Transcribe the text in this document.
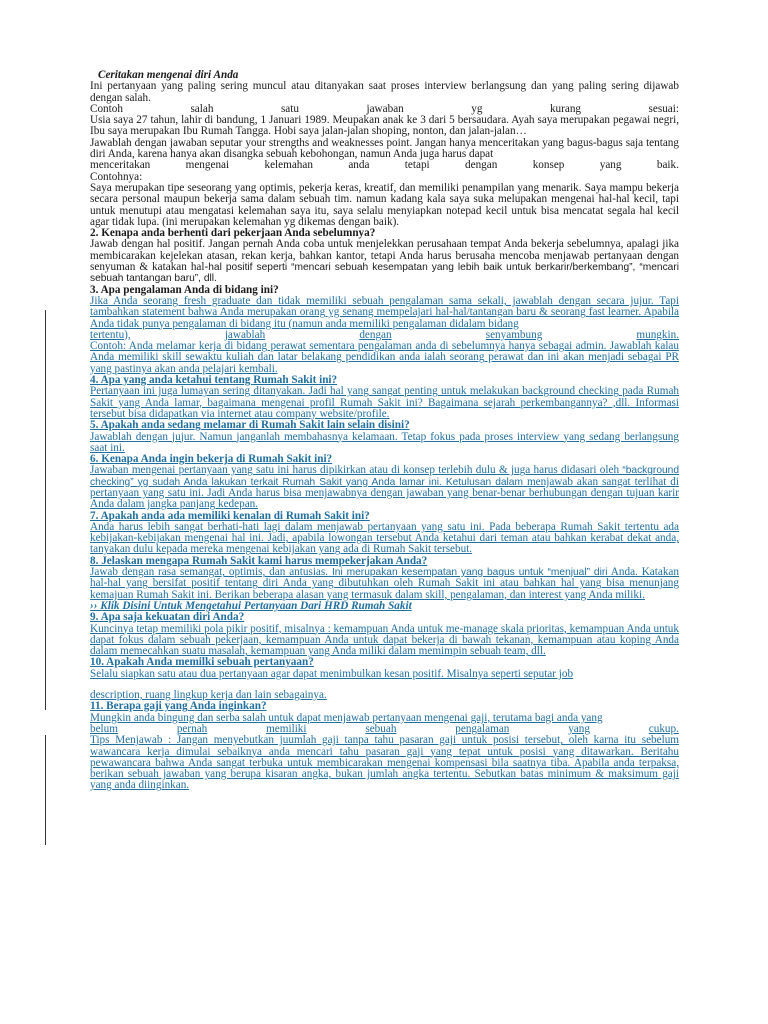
Ceritakan mengenai diri Anda

Ini pertanyaan yang paling sering muncul atau ditanyakan saat proses interview berlangsung dan yang paling sering dijawab dengan salah.

Contoh	salah	satu	jawaban	yg	kurang	sesuai:

Usia saya 27 tahun, lahir di bandung, 1 Januari 1989. Meupakan anak ke 3 dari 5 bersaudara. Ayah saya merupakan pegawai negri, Ibu saya merupakan Ibu Rumah Tangga. Hobi saya jalan-jalan shoping, nonton, dan jalan-jalan…

Jawablah dengan jawaban seputar your strengths and weaknesses point. Jangan hanya menceritakan yang bagus-bagus saja tentang diri Anda, karena hanya akan disangka sebuah kebohongan, namun Anda juga harus dapat

menceritakan	mengenai	kelemahan	anda	tetapi	dengan	konsep	yang	baik.

Contohnya:

Saya merupakan tipe seseorang yang optimis, pekerja keras, kreatif, dan memiliki penampilan yang menarik. Saya mampu bekerja secara personal maupun bekerja sama dalam sebuah tim. namun kadang kala saya suka melupakan mengenai hal-hal kecil, tapi untuk menutupi atau mengatasi kelemahan saya itu, saya selalu menyiapkan notepad kecil untuk bisa mencatat segala hal kecil agar tidak lupa. (ini merupakan kelemahan yg dikemas dengan baik).

2. Kenapa anda berhenti dari pekerjaan Anda sebelumnya?

Jawab dengan hal positif. Jangan pernah Anda coba untuk menjelekkan perusahaan tempat Anda bekerja sebelumnya, apalagi jika membicarakan kejelekan atasan, rekan kerja, bahkan kantor, tetapi Anda harus berusaha mencoba menjawab pertanyaan dengan senyuman & katakan hal-hal positif seperti “mencari sebuah kesempatan yang lebih baik untuk berkarir/berkembang”, “mencari sebuah tantangan baru”, dll.

3. Apa pengalaman Anda di bidang ini?

Jika Anda seorang fresh graduate dan tidak memiliki sebuah pengalaman sama sekali, jawablah dengan secara jujur. Tapi tambahkan statement bahwa Anda merupakan orang yg senang mempelajari hal-hal/tantangan baru & seorang fast learner. Apabila Anda tidak punya pengalaman di bidang itu (namun anda memiliki pengalaman didalam bidang

tertentu),	jawablah	dengan	senyambung	mungkin.

Contoh: Anda melamar kerja di bidang perawat sementara pengalaman anda di sebelumnya hanya sebagai admin. Jawablah kalau Anda memiliki skill sewaktu kuliah dan latar belakang pendidikan anda ialah seorang perawat dan ini akan menjadi sebagai PR yang pastinya akan anda pelajari kembali.

4. Apa yang anda ketahui tentang Rumah Sakit ini?

Pertanyaan ini juga lumayan sering ditanyakan. Jadi hal yang sangat penting untuk melakukan background checking pada Rumah Sakit yang Anda lamar, bagaimana mengenai profil Rumah Sakit ini? Bagaimana sejarah perkembangannya? ,dll. Informasi tersebut bisa didapatkan via internet atau company website/profile.

5. Apakah anda sedang melamar di Rumah Sakit lain selain disini?

Jawablah dengan jujur. Namun janganlah membahasnya kelamaan. Tetap fokus pada proses interview yang sedang berlangsung saat ini.

6. Kenapa Anda ingin bekerja di Rumah Sakit ini?

Jawaban mengenai pertanyaan yang satu ini harus dipikirkan atau di konsep terlebih dulu & juga harus didasari oleh “background checking” yg sudah Anda lakukan terkait Rumah Sakit yang Anda lamar ini. Ketulusan dalam menjawab akan sangat terlihat di pertanyaan yang satu ini. Jadi Anda harus bisa menjawabnya dengan jawaban yang benar-benar berhubungan dengan tujuan karir Anda dalam jangka panjang kedepan.

7. Apakah anda ada memiliki kenalan di Rumah Sakit ini?

Anda harus lebih sangat berhati-hati lagi dalam menjawab pertanyaan yang satu ini. Pada beberapa Rumah Sakit tertentu ada kebijakan-kebijakan mengenai hal ini. Jadi, apabila lowongan tersebut Anda ketahui dari teman atau bahkan kerabat dekat anda, tanyakan dulu kepada mereka mengenai kebijakan yang ada di Rumah Sakit tersebut.

8. Jelaskan mengapa Rumah Sakit kami harus mempekerjakan Anda?

Jawab dengan rasa semangat, optimis, dan antusias. Ini merupakan kesempatan yang bagus untuk “menjual” diri Anda. Katakan hal-hal yang bersifat positif tentang diri Anda yang dibutuhkan oleh Rumah Sakit ini atau bahkan hal yang bisa menunjang kemajuan Rumah Sakit ini. Berikan beberapa alasan yang termasuk dalam skill, pengalaman, dan interest yang Anda miliki.

›› Klik Disini Untuk Mengetahui Pertanyaan Dari HRD Rumah Sakit

9. Apa saja kekuatan diri Anda?

Kuncinya tetap memiliki pola pikir positif, misalnya : kemampuan Anda untuk me-manage skala prioritas, kemampuan Anda untuk dapat fokus dalam sebuah pekerjaan, kemampuan Anda untuk dapat bekerja di bawah tekanan, kemampuan atau koping Anda dalam memecahkan suatu masalah, kemampuan yang Anda miliki dalam memimpin sebuah team, dll.

10. Apakah Anda memilki sebuah pertanyaan?

Selalu siapkan satu atau dua pertanyaan agar dapat menimbulkan kesan positif. Misalnya seperti seputar job

description, ruang lingkup kerja dan lain sebagainya.

11. Berapa gaji yang Anda inginkan?

Mungkin anda bingung dan serba salah untuk dapat menjawab pertanyaan mengenai gaji, terutama bagi anda yang

belum	pernah	memiliki	sebuah	pengalaman	yang	cukup.

Tips Menjawab : Jangan menyebutkan juumlah gaji tanpa tahu pasaran gaji untuk posisi tersebut, oleh karna itu sebelum wawancara kerja dimulai sebaiknya anda mencari tahu pasaran gaji yang tepat untuk posisi yang ditawarkan. Beritahu pewawancara bahwa Anda sangat terbuka untuk membicarakan mengenai kompensasi bila saatnya tiba. Apabila anda terpaksa, berikan sebuah jawaban yang berupa kisaran angka, bukan jumlah angka tertentu. Sebutkan batas minimum & maksimum gaji yang anda diinginkan.
